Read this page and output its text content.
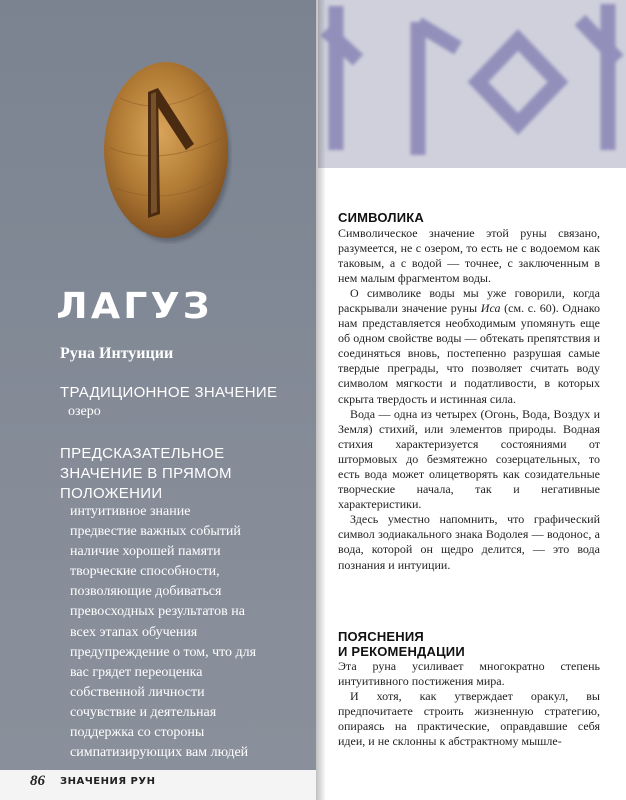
ЛАГУЗ
Руна Интуиции
ТРАДИЦИОННОЕ ЗНАЧЕНИЕ
озеро
ПРЕДСКАЗАТЕЛЬНОЕ
ЗНАЧЕНИЕ В ПРЯМОМ
ПОЛОЖЕНИИ
интуитивное знание
предвестие важных событий
наличие хорошей памяти
творческие способности,
позволяющие добиваться
превосходных результатов на
всех этапах обучения
предупреждение о том, что для
вас грядет переоценка
собственной личности
сочувствие и деятельная
поддержка со стороны
симпатизирующих вам людей
86 ЗНАЧЕНИЯ РУН
СИМВОЛИКА

Символическое значение этой руны связано, разумеется, не с озером, то есть не с водоемом как таковым, а с водой — точнее, с заключенным в нем малым фрагментом воды.

О символике воды мы уже говорили, когда раскрывали значение руны Иса (см. с. 60). Однако нам представляется необходимым упомянуть еще об одном свойстве воды — обтекать препятствия и соединяться вновь, постепенно разрушая самые твердые преграды, что позволяет считать воду символом мягкости и податливости, в которых скрыта твердость и истинная сила.

Вода — одна из четырех (Огонь, Вода, Воздух и Земля) стихий, или элементов природы. Водная стихия характеризуется состояниями от штормовых до безмятежно созерцательных, то есть вода может олицетворять как созидательные творческие начала, так и негативные характеристики.

Здесь уместно напомнить, что графический символ зодиакального знака Водолея — водонос, а вода, которой он щедро делится, — это вода познания и интуиции.

ПОЯСНЕНИЯ
И РЕКОМЕНДАЦИИ

Эта руна усиливает многократно степень интуитивного постижения мира.

И хотя, как утверждает оракул, вы предпочитаете строить жизненную стратегию, опираясь на практические, оправдавшие себя идеи, и не склонны к абстрактному мышле-
